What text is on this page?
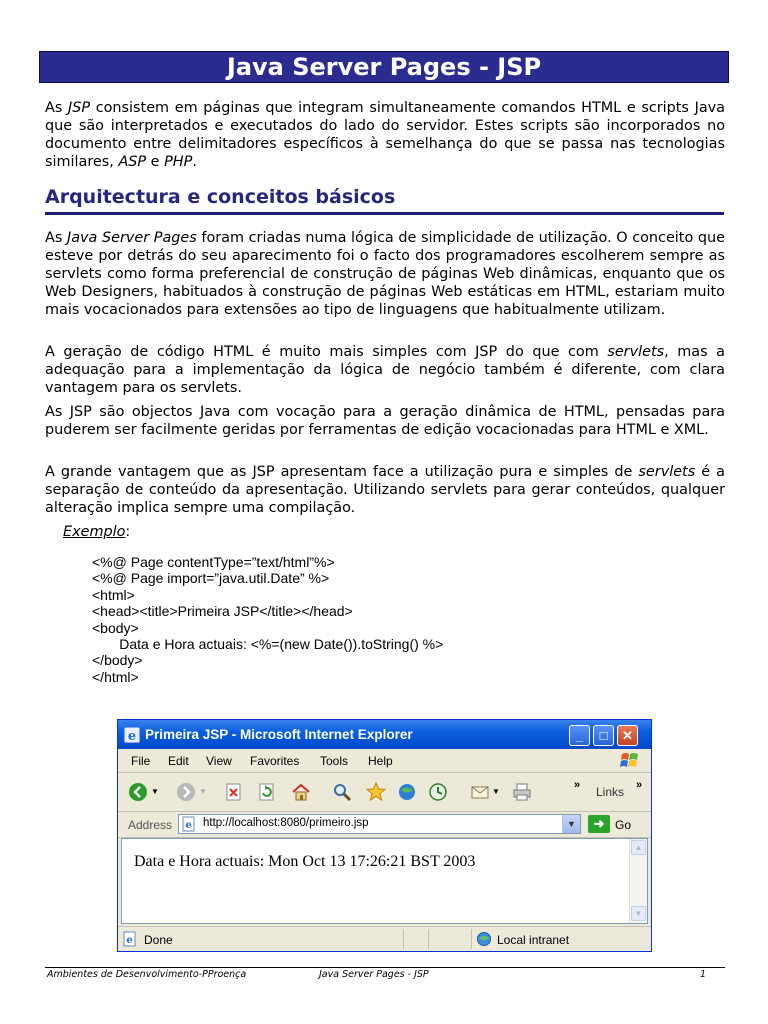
Java Server Pages - JSP

As JSP consistem em páginas que integram simultaneamente comandos HTML e scripts Java que são interpretados e executados do lado do servidor. Estes scripts são incorporados no documento entre delimitadores específicos à semelhança do que se passa nas tecnologias similares, ASP e PHP.

Arquitectura e conceitos básicos

As Java Server Pages foram criadas numa lógica de simplicidade de utilização. O conceito que esteve por detrás do seu aparecimento foi o facto dos programadores escolherem sempre as servlets como forma preferencial de construção de páginas Web dinâmicas, enquanto que os Web Designers, habituados à construção de páginas Web estáticas em HTML, estariam muito mais vocacionados para extensões ao tipo de linguagens que habitualmente utilizam.

A geração de código HTML é muito mais simples com JSP do que com servlets, mas a adequação para a implementação da lógica de negócio também é diferente, com clara vantagem para os servlets.

As JSP são objectos Java com vocação para a geração dinâmica de HTML, pensadas para puderem ser facilmente geridas por ferramentas de edição vocacionadas para HTML e XML.

A grande vantagem que as JSP apresentam face a utilização pura e simples de servlets é a separação de conteúdo da apresentação. Utilizando servlets para gerar conteúdos, qualquer alteração implica sempre uma compilação.

Exemplo:
<%@ Page contentType=”text/html”%>
<%@ Page import=”java.util.Date” %>
<html>
<head><title>Primeira JSP</title></head>
<body>
Data e Hora actuais: <%=(new Date()).toString() %>
</body>
</html>
e Primeira JSP - Microsoft Internet Explorer	_	□	✕
File Edit View Favorites Tools Help
▼	▼	▼
» Links »
Address e http://localhost:8080/primeiro.jsp	▼	➜ Go
Data e Hora actuais: Mon Oct 13 17:26:21 BST 2003
▲
▼
e Done	Local intranet
Ambientes de Desenvolvimento-PProença	Java Server Pages - JSP	1
